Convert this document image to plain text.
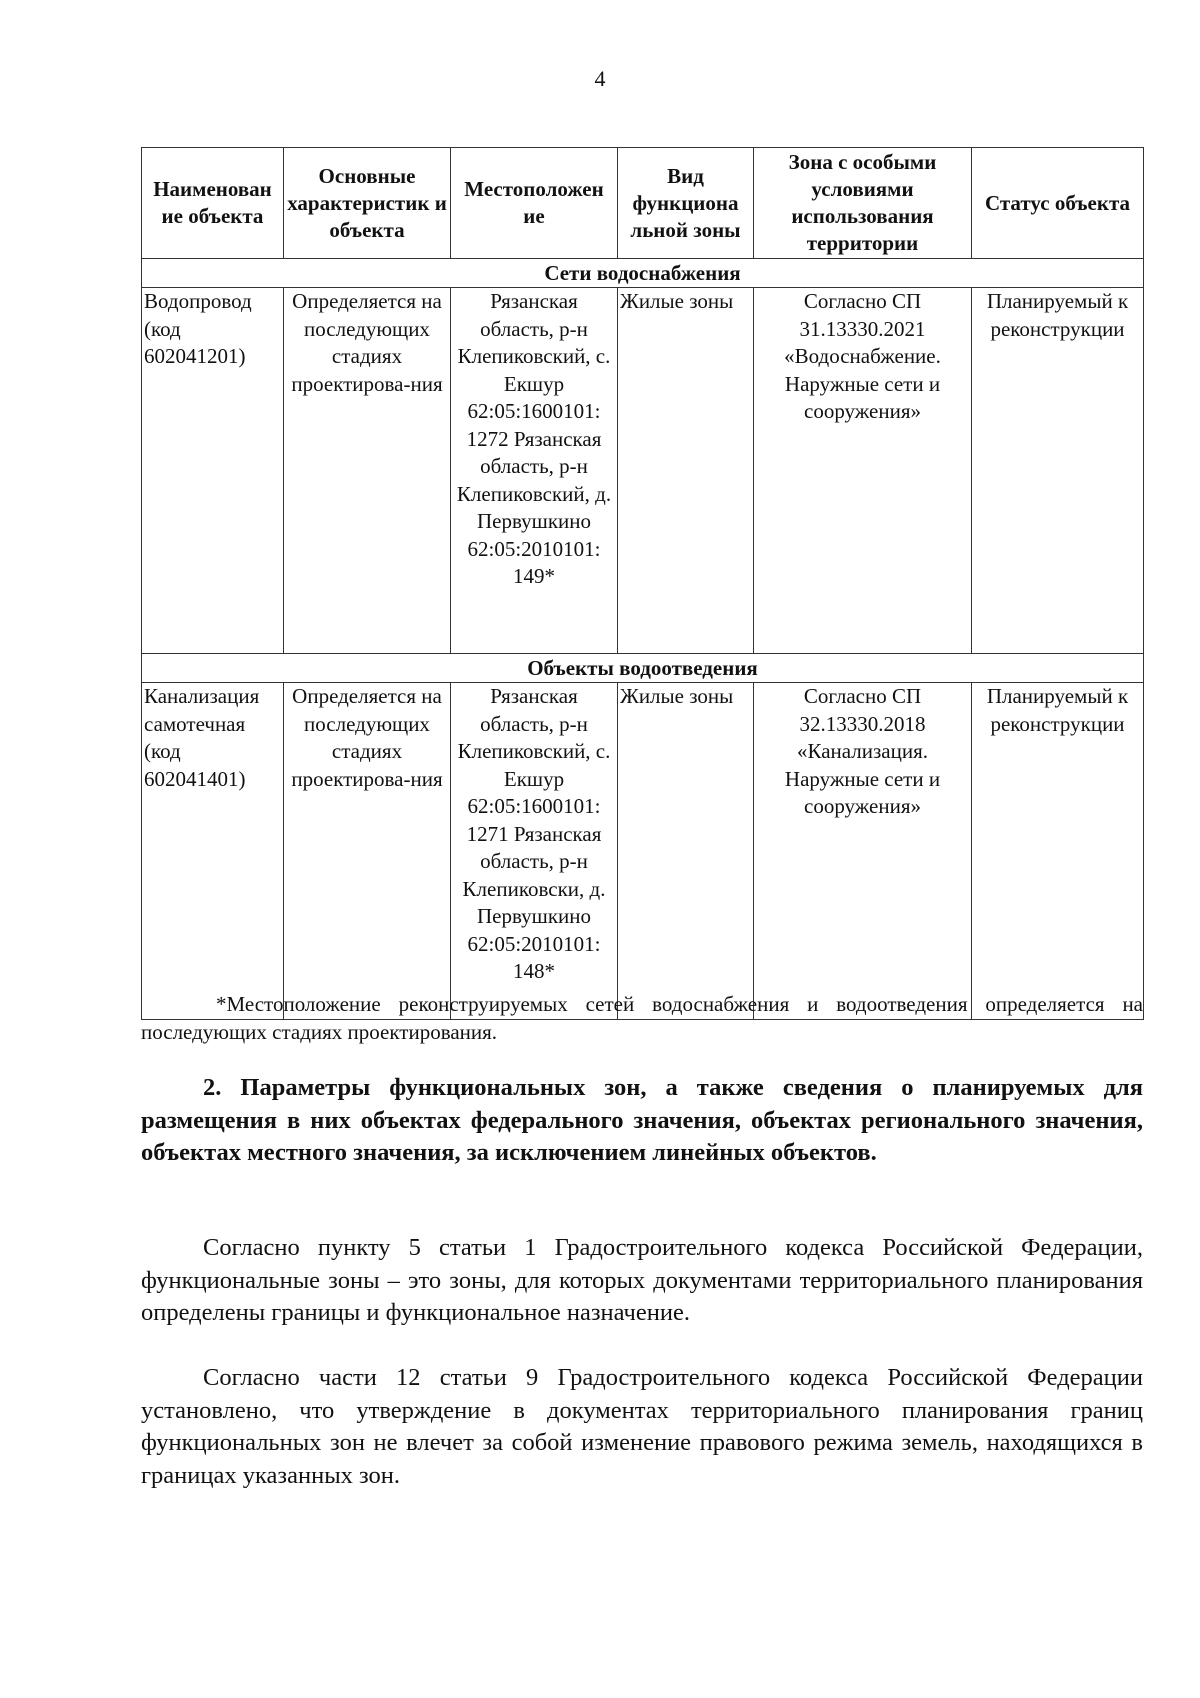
4
Наименован ие объекта	Основные характеристик и объекта	Местоположен ие	Вид функциона льной зоны	Зона с особыми условиями использования территории	Статус объекта
Сети водоснабжения					
Водопровод (код 602041201)	Определяется на последующих стадиях проектирова-ния	Рязанская область, р-н Клепиковский, с. Екшур 62:05:1600101: 1272 Рязанская область, р-н Клепиковский, д. Первушкино 62:05:2010101: 149*	Жилые зоны	Согласно СП 31.13330.2021 «Водоснабжение. Наружные сети и сооружения»	Планируемый к реконструкции
Объекты водоотведения					
Канализация самотечная (код 602041401)	Определяется на последующих стадиях проектирова-ния	Рязанская область, р-н Клепиковский, с. Екшур 62:05:1600101: 1271 Рязанская область, р-н Клепиковски, д. Первушкино 62:05:2010101: 148*	Жилые зоны	Согласно СП 32.13330.2018 «Канализация. Наружные сети и сооружения»	Планируемый к реконструкции
*Местоположение реконструируемых сетей водоснабжения и водоотведения определяется на последующих стадиях проектирования.
2. Параметры функциональных зон, а также сведения о планируемых для размещения в них объектах федерального значения, объектах регионального значения, объектах местного значения, за исключением линейных объектов.
Согласно пункту 5 статьи 1 Градостроительного кодекса Российской Федерации, функциональные зоны – это зоны, для которых документами территориального планирования определены границы и функциональное назначение.
Согласно части 12 статьи 9 Градостроительного кодекса Российской Федерации установлено, что утверждение в документах территориального планирования границ функциональных зон не влечет за собой изменение правового режима земель, находящихся в границах указанных зон.
